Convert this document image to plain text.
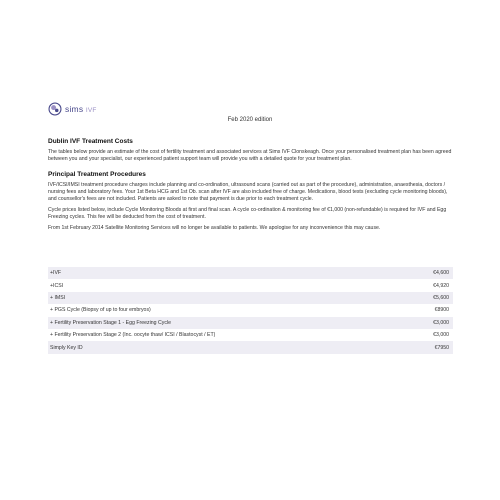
sims IVF
Feb 2020 edition
Dublin IVF Treatment Costs

The tables below provide an estimate of the cost of fertility treatment and associated services at Sims IVF Clonskeagh. Once your personalised treatment plan has been agreed between you and your specialist, our experienced patient support team will provide you with a detailed quote for your treatment plan.

Principal Treatment Procedures

IVF/ICSI/IMSI treatment procedure charges include planning and co-ordination, ultrasound scans (carried out as part of the procedure), administration, anaesthesia, doctors / nursing fees and laboratory fees. Your 1st Beta HCG and 1st Ob. scan after IVF are also included free of charge. Medications, blood tests (excluding cycle monitoring bloods), and counsellor's fees are not included. Patients are asked to note that payment is due prior to each treatment cycle.

Cycle prices listed below, include Cycle Monitoring Bloods at first and final scan. A cycle co-ordination & monitoring fee of €1,000 (non-refundable) is required for IVF and Egg Freezing cycles. This fee will be deducted from the cost of treatment.

From 1st February 2014 Satellite Monitoring Services will no longer be available to patients. We apologise for any inconvenience this may cause.

+IVF	€4,600
+ICSI	€4,920
+ IMSI	€5,600
+ PGS Cycle (Biopsy of up to four embryos)	€8900
+ Fertility Preservation Stage 1 - Egg Freezing Cycle	€3,000
+ Fertility Preservation Stage 2 (Inc. oocyte thaw/ ICSI / Blastocyst / ET)	€3,000
Simply Key ID	€7950
